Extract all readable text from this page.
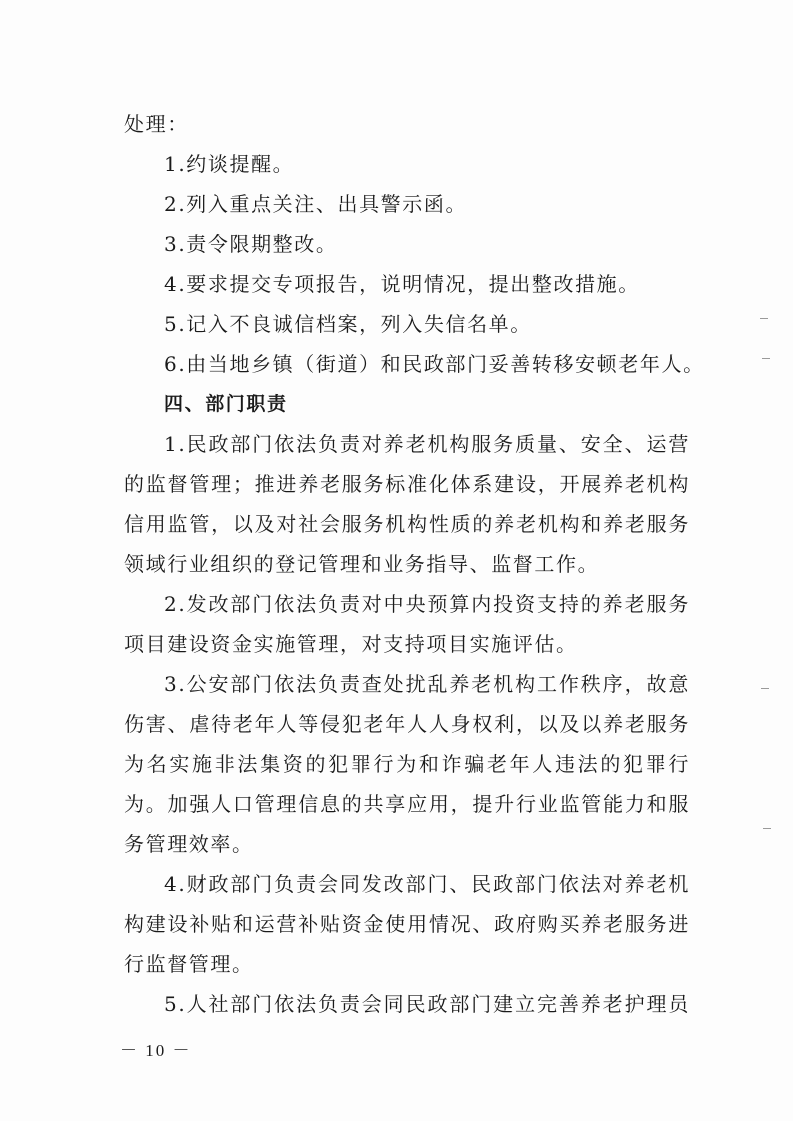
处理：
1.约谈提醒。
2.列入重点关注、出具警示函。
3.责令限期整改。
4.要求提交专项报告，说明情况，提出整改措施。
5.记入不良诚信档案，列入失信名单。
6.由当地乡镇（街道）和民政部门妥善转移安顿老年人。
四、部门职责
1.民政部门依法负责对养老机构服务质量、安全、运营
的监督管理；推进养老服务标准化体系建设，开展养老机构
信用监管，以及对社会服务机构性质的养老机构和养老服务
领域行业组织的登记管理和业务指导、监督工作。
2.发改部门依法负责对中央预算内投资支持的养老服务
项目建设资金实施管理，对支持项目实施评估。
3.公安部门依法负责查处扰乱养老机构工作秩序，故意
伤害、虐待老年人等侵犯老年人人身权利，以及以养老服务
为名实施非法集资的犯罪行为和诈骗老年人违法的犯罪行
为。加强人口管理信息的共享应用，提升行业监管能力和服
务管理效率。
4.财政部门负责会同发改部门、民政部门依法对养老机
构建设补贴和运营补贴资金使用情况、政府购买养老服务进
行监督管理。
5.人社部门依法负责会同民政部门建立完善养老护理员
－ 10 －
